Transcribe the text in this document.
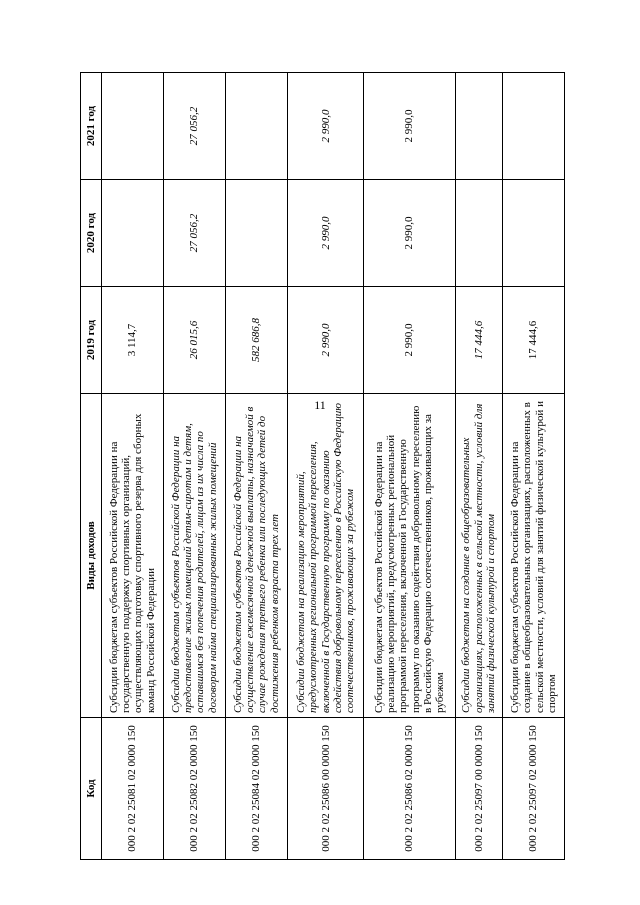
11
Код	Виды доходов	2019 год	2020 год	2021 год
000 2 02 25081 02 0000 150	Субсидии бюджетам субъектов Российской Федерации на государственную поддержку спортивных организаций, осуществляющих подготовку спортивного резерва для сборных команд Российской Федерации	3 114,7		
000 2 02 25082 02 0000 150	Субсидии бюджетам субъектов Российской Федерации на предоставление жилых помещений детям-сиротам и детям, оставшимся без попечения родителей, лицам из их числа по договорам найма специализированных жилых помещений	26 015,6	27 056,2	27 056,2
000 2 02 25084 02 0000 150	Субсидии бюджетам субъектов Российской Федерации на осуществление ежемесячной денежной выплаты, назначаемой в случае рождения третьего ребенка или последующих детей до достижения ребенком возраста трех лет	582 686,8		
000 2 02 25086 00 0000 150	Субсидии бюджетам на реализацию мероприятий, предусмотренных региональной программой переселения, включенной в Государственную программу по оказанию содействия добровольному переселению в Российскую Федерацию соотечественников, проживающих за рубежом	2 990,0	2 990,0	2 990,0
000 2 02 25086 02 0000 150	Субсидии бюджетам субъектов Российской Федерации на реализацию мероприятий, предусмотренных региональной программой переселения, включенной в Государственную программу по оказанию содействия добровольному переселению в Российскую Федерацию соотечественников, проживающих за рубежом	2 990,0	2 990,0	2 990,0
000 2 02 25097 00 0000 150	Субсидии бюджетам на создание в общеобразовательных организациях, расположенных в сельской местности, условий для занятий физической культурой и спортом	17 444,6		
000 2 02 25097 02 0000 150	Субсидии бюджетам субъектов Российской Федерации на создание в общеобразовательных организациях, расположенных в сельской местности, условий для занятий физической культурой и спортом	17 444,6		
